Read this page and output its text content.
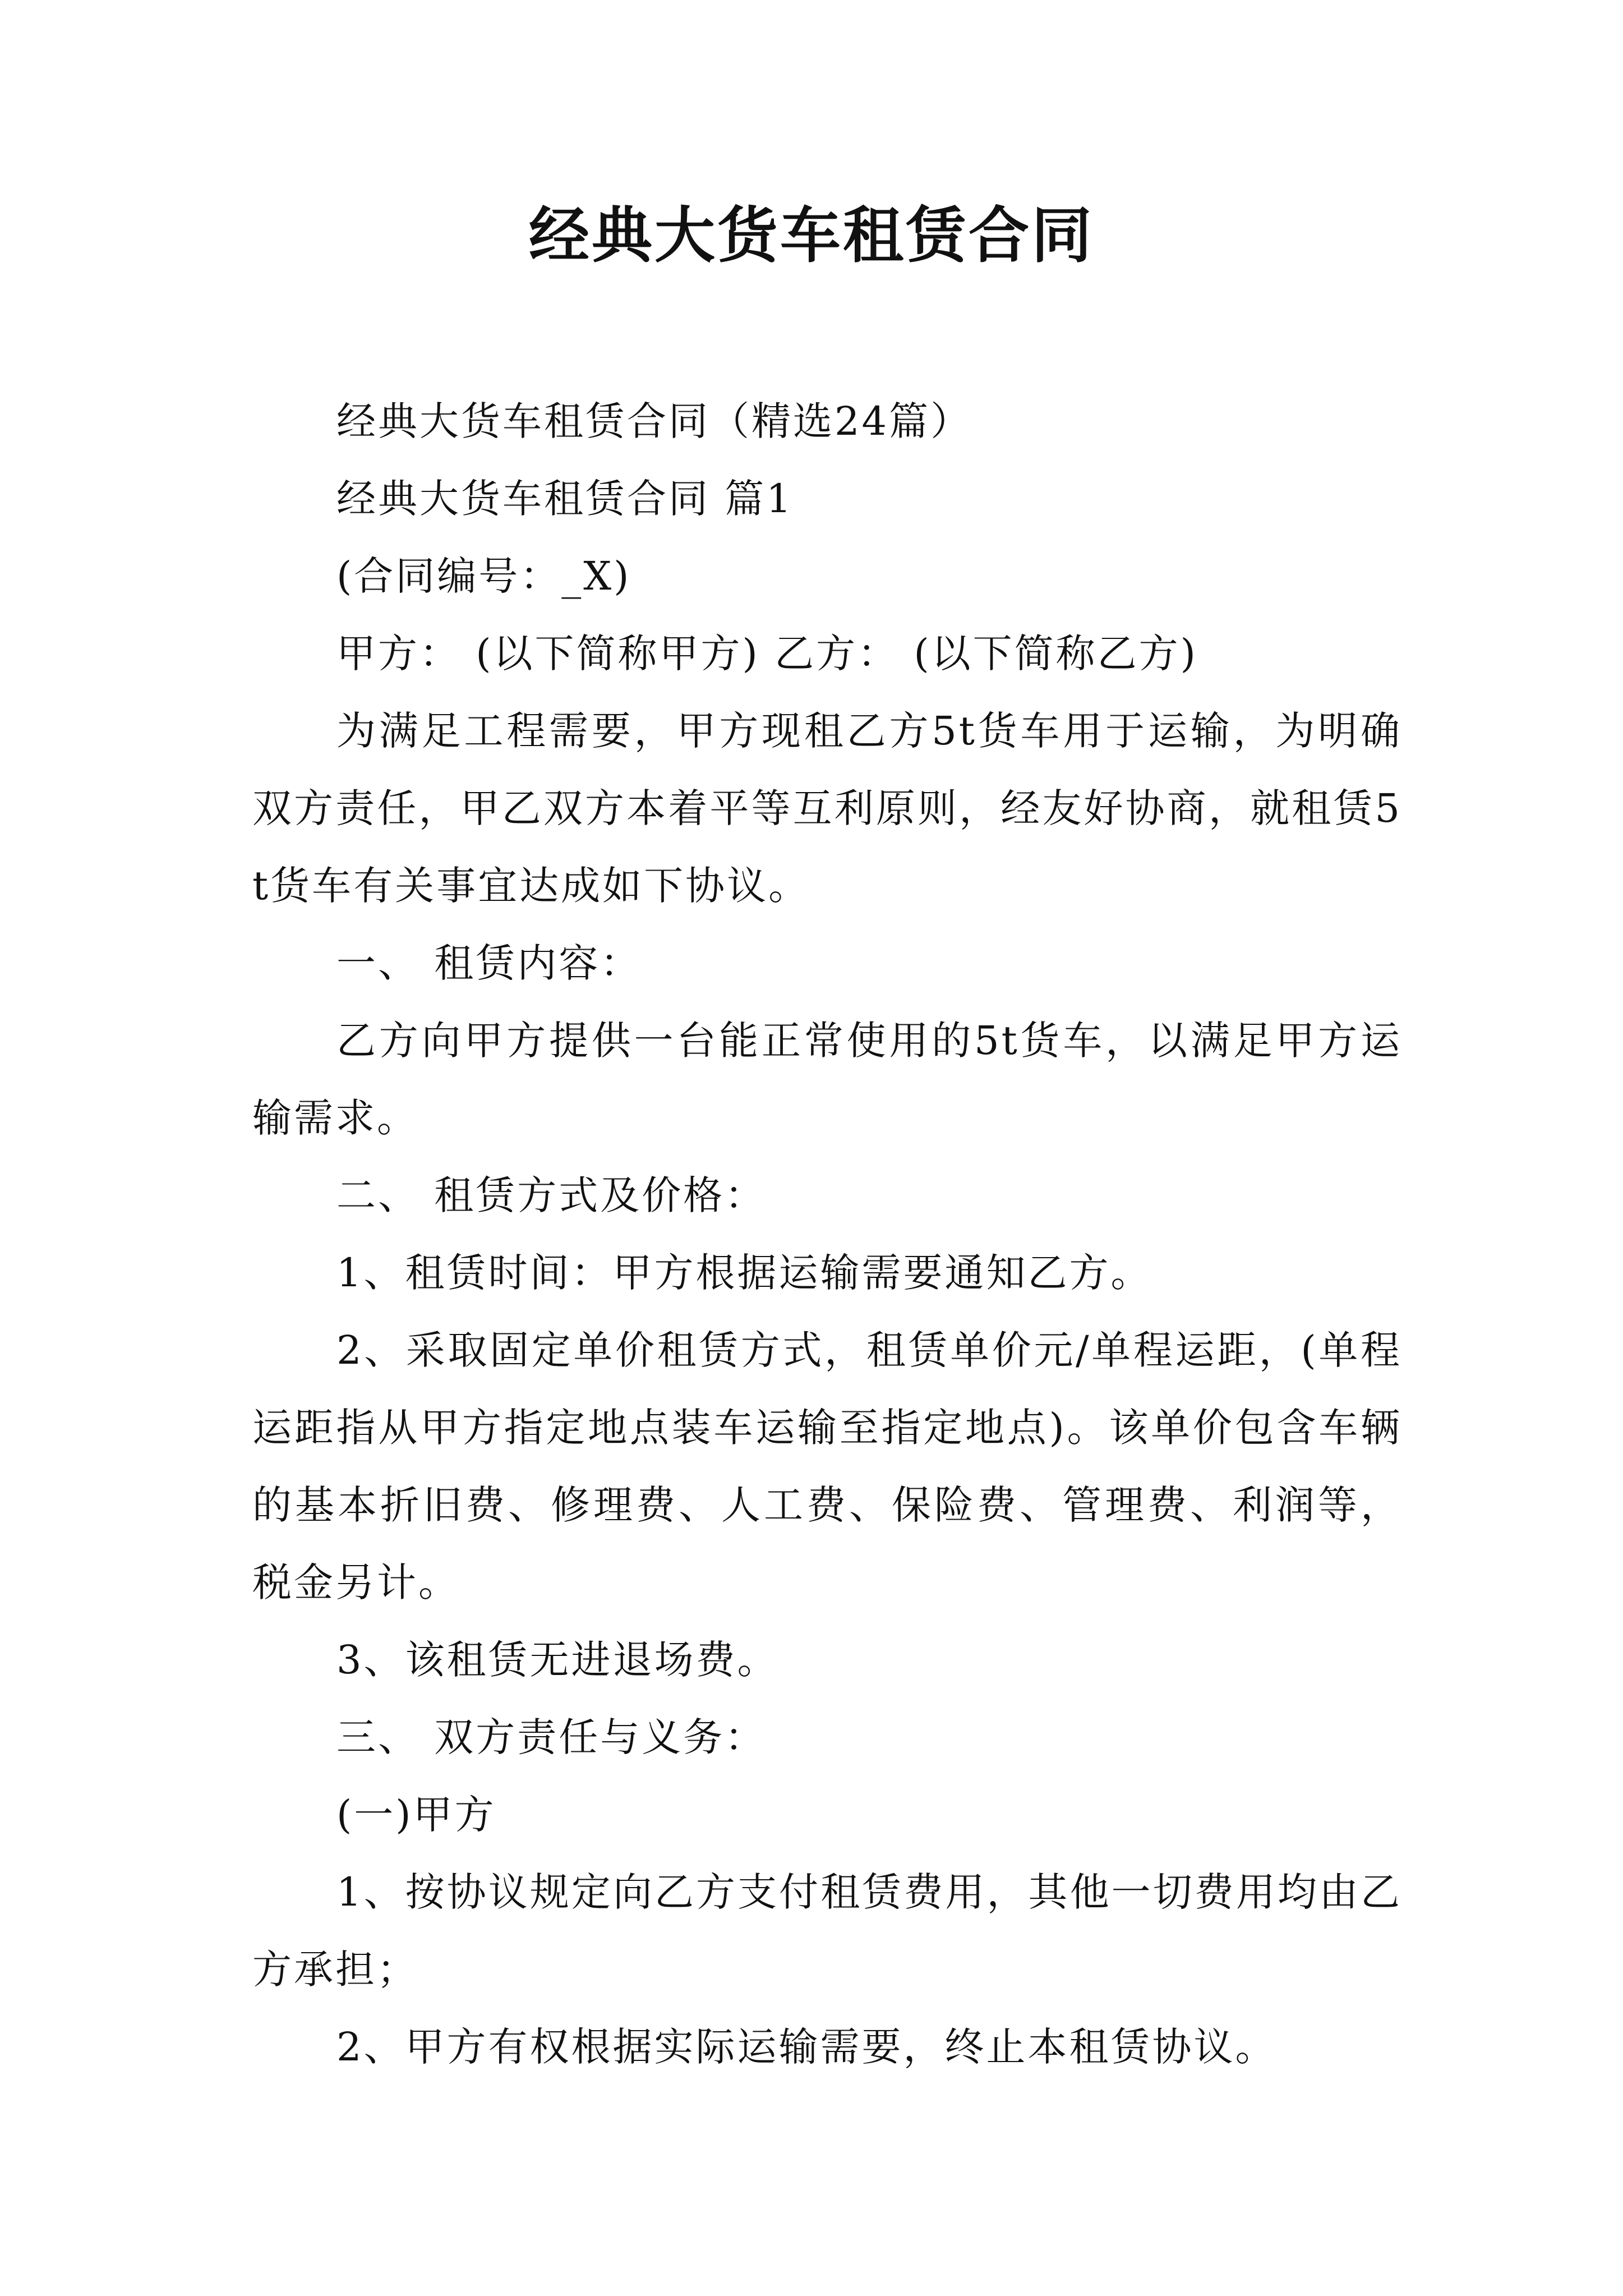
经典大货车租赁合同

经典大货车租赁合同（精选24篇）

经典大货车租赁合同 篇1

(合同编号：_X)

甲方： (以下简称甲方) 乙方： (以下简称乙方)

为满足工程需要，甲方现租乙方5t货车用于运输，为明确双方责任，甲乙双方本着平等互利原则，经友好协商，就租赁5t货车有关事宜达成如下协议。

一、 租赁内容：

乙方向甲方提供一台能正常使用的5t货车，以满足甲方运输需求。

二、 租赁方式及价格：

1、租赁时间：甲方根据运输需要通知乙方。

2、采取固定单价租赁方式，租赁单价元/单程运距，(单程运距指从甲方指定地点装车运输至指定地点)。该单价包含车辆的基本折旧费、修理费、人工费、保险费、管理费、利润等，税金另计。

3、该租赁无进退场费。

三、 双方责任与义务：

(一)甲方

1、按协议规定向乙方支付租赁费用，其他一切费用均由乙方承担；

2、甲方有权根据实际运输需要，终止本租赁协议。
